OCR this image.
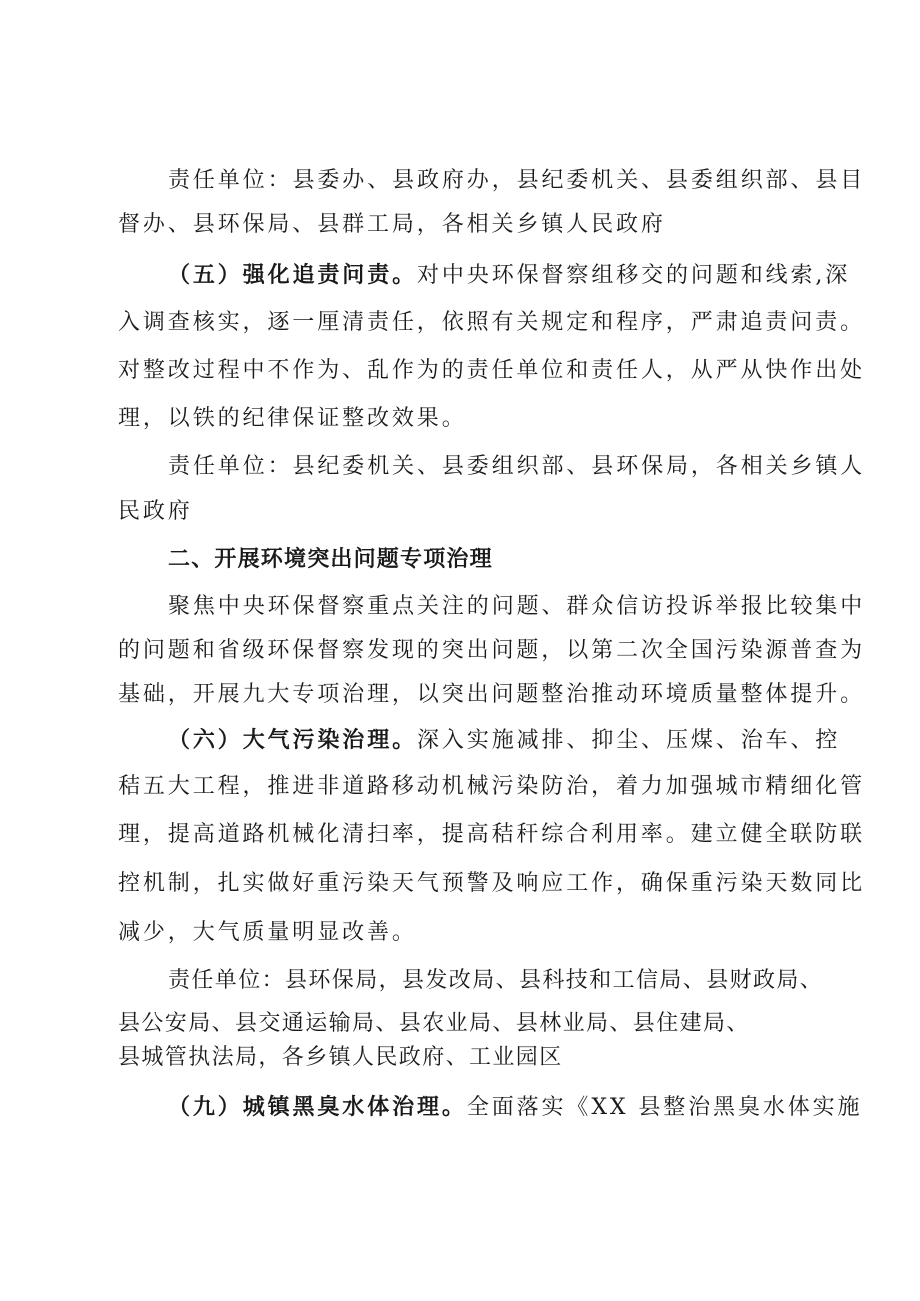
责任单位：县委办、县政府办，县纪委机关、县委组织部、县目
督办、县环保局、县群工局，各相关乡镇人民政府
（五）强化追责问责。对中央环保督察组移交的问题和线索,深
入调查核实，逐一厘清责任，依照有关规定和程序，严肃追责问责。
对整改过程中不作为、乱作为的责任单位和责任人，从严从快作出处
理，以铁的纪律保证整改效果。
责任单位：县纪委机关、县委组织部、县环保局，各相关乡镇人
民政府
二、开展环境突出问题专项治理
聚焦中央环保督察重点关注的问题、群众信访投诉举报比较集中
的问题和省级环保督察发现的突出问题，以第二次全国污染源普查为
基础，开展九大专项治理，以突出问题整治推动环境质量整体提升。
（六）大气污染治理。深入实施减排、抑尘、压煤、治车、控
秸五大工程，推进非道路移动机械污染防治，着力加强城市精细化管
理，提高道路机械化清扫率，提高秸秆综合利用率。建立健全联防联
控机制，扎实做好重污染天气预警及响应工作，确保重污染天数同比
减少，大气质量明显改善。
责任单位：县环保局，县发改局、县科技和工信局、县财政局、
县公安局、县交通运输局、县农业局、县林业局、县住建局、
县城管执法局，各乡镇人民政府、工业园区
（九）城镇黑臭水体治理。全面落实《XX 县整治黑臭水体实施
